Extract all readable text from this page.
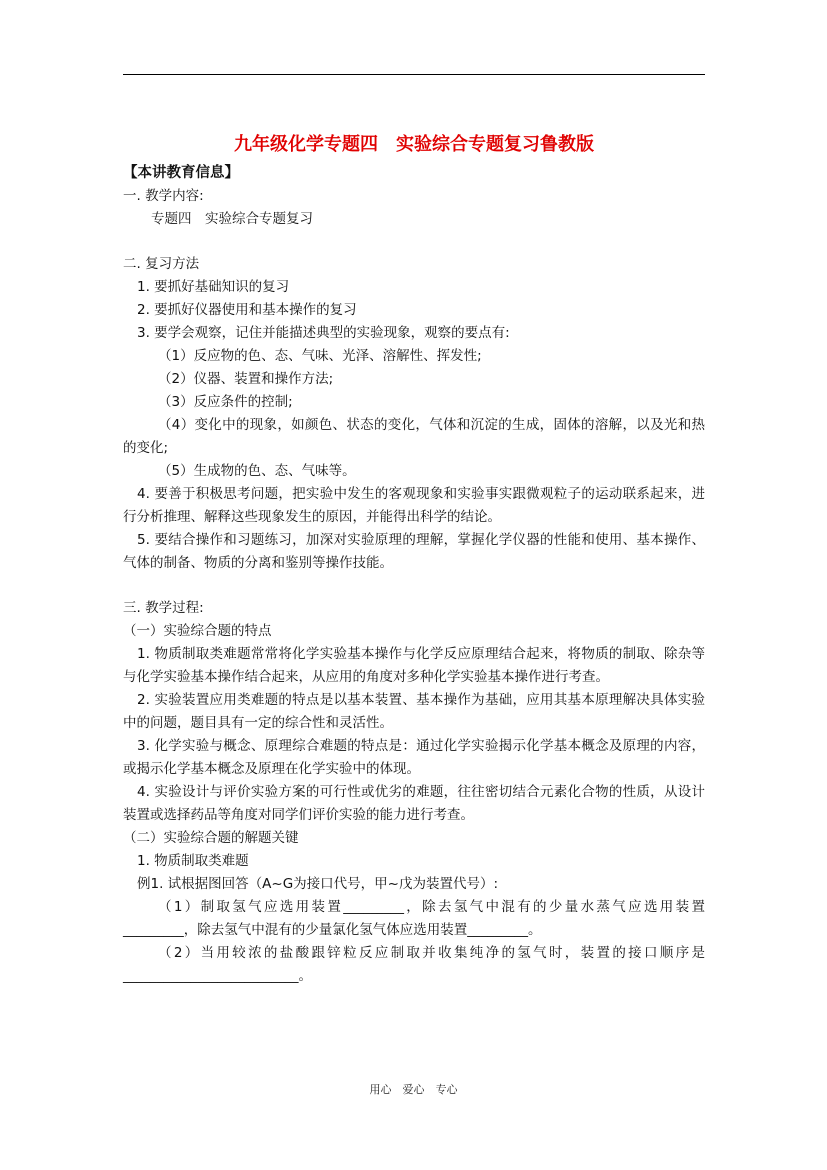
九年级化学专题四　实验综合专题复习鲁教版
【本讲教育信息】
一. 教学内容:
专题四　实验综合专题复习
二. 复习方法
1. 要抓好基础知识的复习
2. 要抓好仪器使用和基本操作的复习
3. 要学会观察，记住并能描述典型的实验现象，观察的要点有:
（1）反应物的色、态、气味、光泽、溶解性、挥发性;
（2）仪器、装置和操作方法;
（3）反应条件的控制;
（4）变化中的现象，如颜色、状态的变化，气体和沉淀的生成，固体的溶解，以及光和热的变化;
（5）生成物的色、态、气味等。
4. 要善于积极思考问题，把实验中发生的客观现象和实验事实跟微观粒子的运动联系起来，进行分析推理、解释这些现象发生的原因，并能得出科学的结论。
5. 要结合操作和习题练习，加深对实验原理的理解，掌握化学仪器的性能和使用、基本操作、气体的制备、物质的分离和鉴别等操作技能。
三. 教学过程:
（一）实验综合题的特点
1. 物质制取类难题常常将化学实验基本操作与化学反应原理结合起来，将物质的制取、除杂等与化学实验基本操作结合起来，从应用的角度对多种化学实验基本操作进行考查。
2. 实验装置应用类难题的特点是以基本装置、基本操作为基础，应用其基本原理解决具体实验中的问题，题目具有一定的综合性和灵活性。
3. 化学实验与概念、原理综合难题的特点是：通过化学实验揭示化学基本概念及原理的内容，或揭示化学基本概念及原理在化学实验中的体现。
4. 实验设计与评价实验方案的可行性或优劣的难题，往往密切结合元素化合物的性质，从设计装置或选择药品等角度对同学们评价实验的能力进行考查。
（二）实验综合题的解题关键
1. 物质制取类难题
例1. 试根据图回答（A~G为接口代号，甲~戊为装置代号）:
（1）制取氢气应选用装置_________，除去氢气中混有的少量水蒸气应选用装置_________，除去氢气中混有的少量氯化氢气体应选用装置_________。
（2）当用较浓的盐酸跟锌粒反应制取并收集纯净的氢气时，装置的接口顺序是__________________________。
用心　爱心　专心
